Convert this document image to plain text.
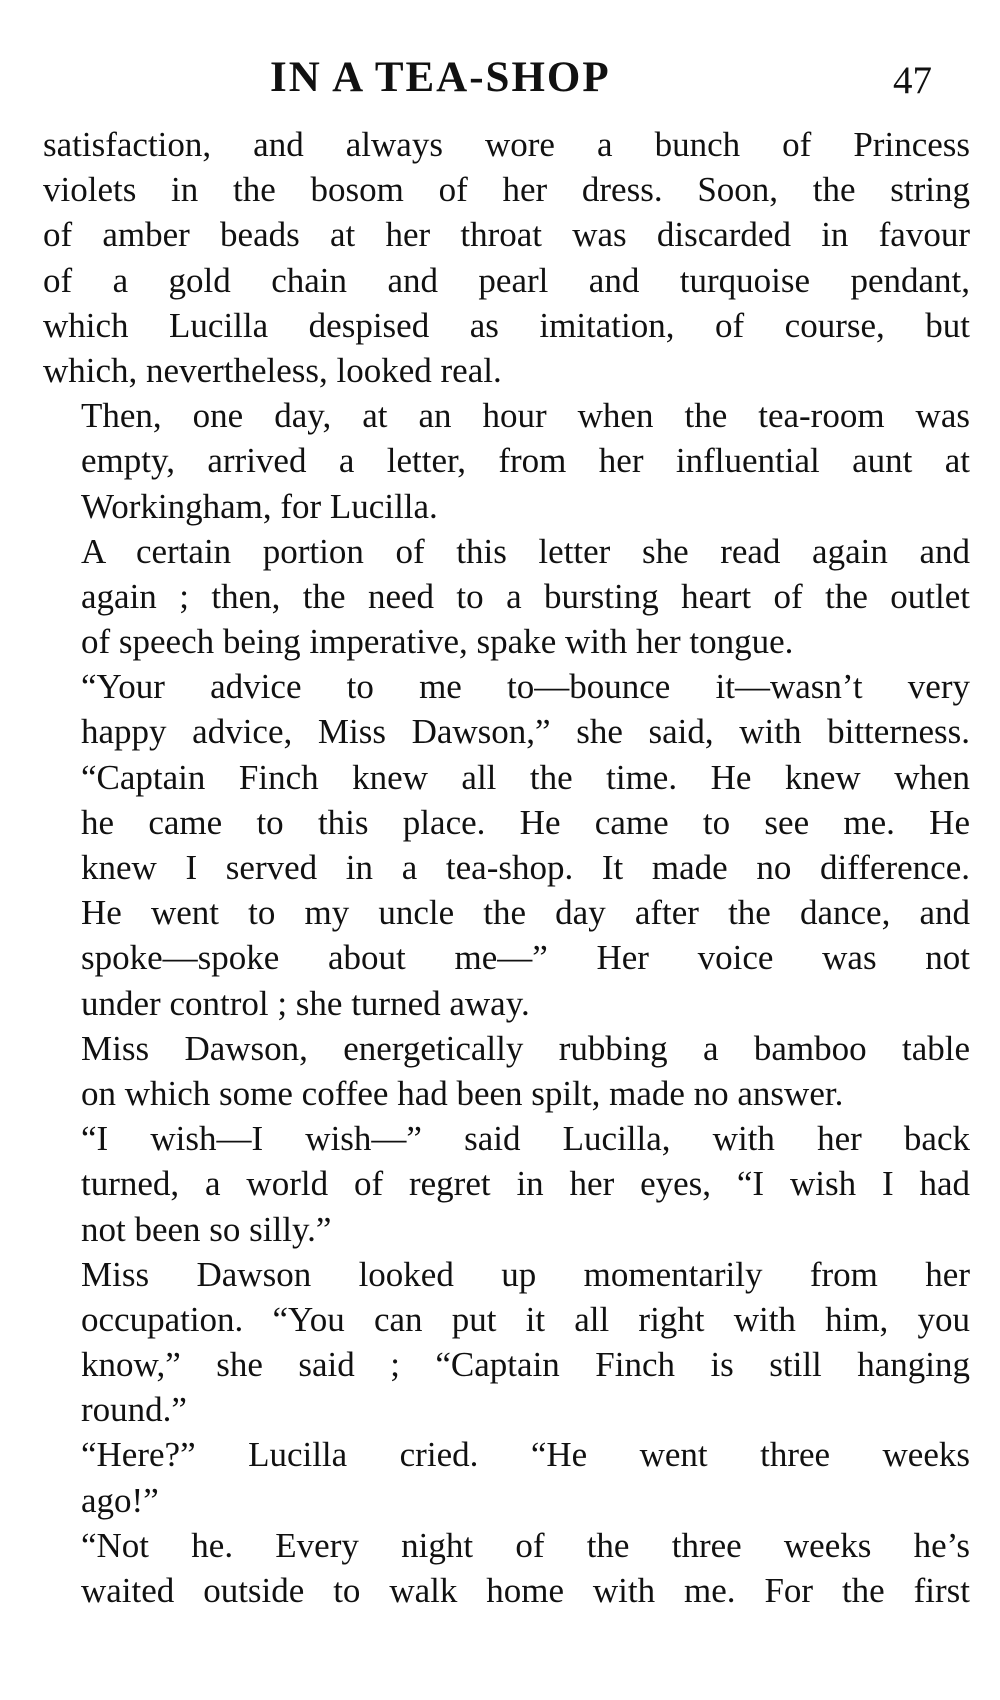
IN A TEA-SHOP	47

satisfaction, and always wore a bunch of Princess
violets in the bosom of her dress. Soon, the string
of amber beads at her throat was discarded in favour
of a gold chain and pearl and turquoise pendant,
which Lucilla despised as imitation, of course, but
which, nevertheless, looked real.

Then, one day, at an hour when the tea-room was
empty, arrived a letter, from her influential aunt at
Workingham, for Lucilla.

A certain portion of this letter she read again and
again ; then, the need to a bursting heart of the outlet
of speech being imperative, spake with her tongue.

“Your advice to me to—bounce it—wasn’t very
happy advice, Miss Dawson,” she said, with bitterness.
“Captain Finch knew all the time. He knew when
he came to this place. He came to see me. He
knew I served in a tea-shop. It made no difference.
He went to my uncle the day after the dance, and
spoke—spoke about me—” Her voice was not
under control ; she turned away.

Miss Dawson, energetically rubbing a bamboo table
on which some coffee had been spilt, made no answer.

“I wish—I wish—” said Lucilla, with her back
turned, a world of regret in her eyes, “I wish I had
not been so silly.”

Miss Dawson looked up momentarily from her
occupation. “You can put it all right with him, you
know,” she said ; “Captain Finch is still hanging
round.”

“Here?” Lucilla cried. “He went three weeks
ago!”

“Not he. Every night of the three weeks he’s
waited outside to walk home with me. For the first
